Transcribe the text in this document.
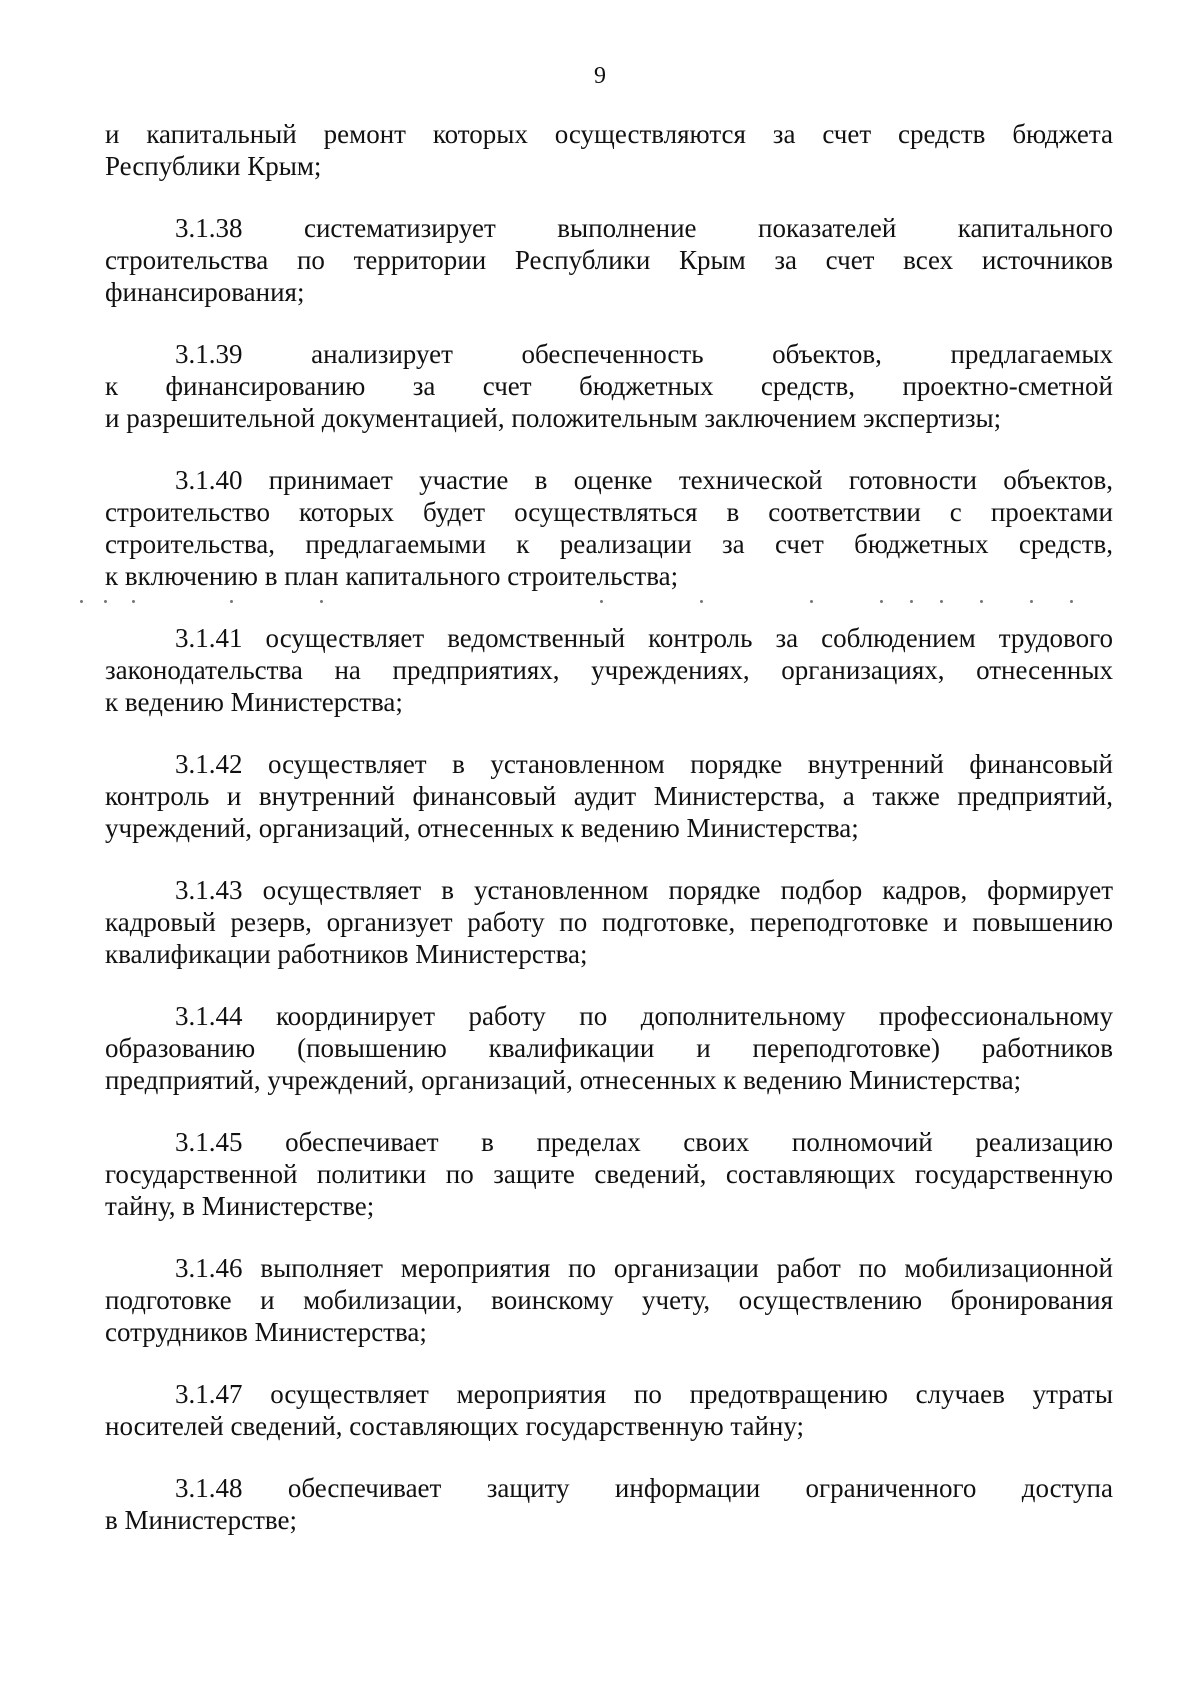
9

и капитальный ремонт которых осуществляются за счет средств бюджета
Республики Крым;

3.1.38 систематизирует выполнение показателей капитального
строительства по территории Республики Крым за счет всех источников
финансирования;

3.1.39 анализирует обеспеченность объектов, предлагаемых
к финансированию за счет бюджетных средств, проектно-сметной
и разрешительной документацией, положительным заключением экспертизы;

3.1.40 принимает участие в оценке технической готовности объектов,
строительство которых будет осуществляться в соответствии с проектами
строительства, предлагаемыми к реализации за счет бюджетных средств,
к включению в план капитального строительства;

3.1.41 осуществляет ведомственный контроль за соблюдением трудового
законодательства на предприятиях, учреждениях, организациях, отнесенных
к ведению Министерства;

3.1.42 осуществляет в установленном порядке внутренний финансовый
контроль и внутренний финансовый аудит Министерства, а также предприятий,
учреждений, организаций, отнесенных к ведению Министерства;

3.1.43 осуществляет в установленном порядке подбор кадров, формирует
кадровый резерв, организует работу по подготовке, переподготовке и повышению
квалификации работников Министерства;

3.1.44 координирует работу по дополнительному профессиональному
образованию (повышению квалификации и переподготовке) работников
предприятий, учреждений, организаций, отнесенных к ведению Министерства;

3.1.45 обеспечивает в пределах своих полномочий реализацию
государственной политики по защите сведений, составляющих государственную
тайну, в Министерстве;

3.1.46 выполняет мероприятия по организации работ по мобилизационной
подготовке и мобилизации, воинскому учету, осуществлению бронирования
сотрудников Министерства;

3.1.47 осуществляет мероприятия по предотвращению случаев утраты
носителей сведений, составляющих государственную тайну;

3.1.48 обеспечивает защиту информации ограниченного доступа
в Министерстве;
